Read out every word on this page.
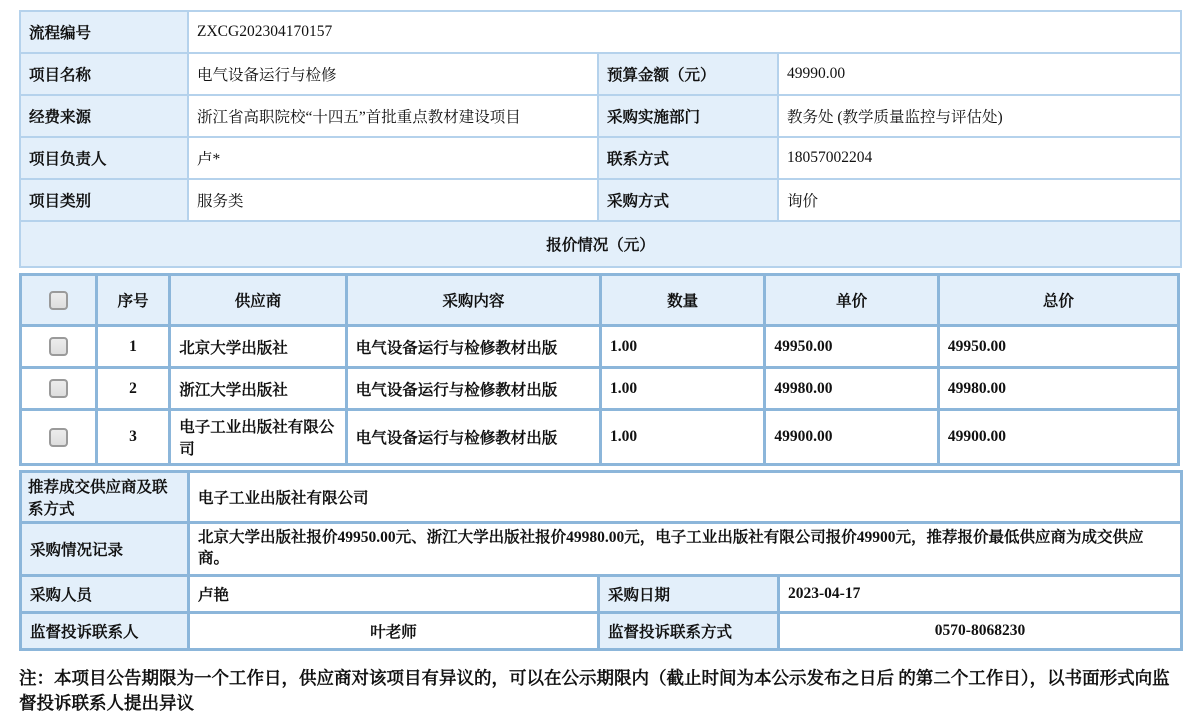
流程编号	ZXCG202304170157		
项目名称	电气设备运行与检修	预算金额（元）	49990.00
经费来源	浙江省高职院校“十四五”首批重点教材建设项目	采购实施部门	教务处 (教学质量监控与评估处)
项目负责人	卢*	联系方式	18057002204
项目类别	服务类	采购方式	询价
报价情况（元）			
	序号	供应商	采购内容	数量	单价	总价

	1	北京大学出版社	电气设备运行与检修教材出版	1.00	49950.00	49950.00

	2	浙江大学出版社	电气设备运行与检修教材出版	1.00	49980.00	49980.00

	3	电子工业出版社有限公司	电气设备运行与检修教材出版	1.00	49900.00	49900.00
推荐成交供应商及联系方式	电子工业出版社有限公司		
采购情况记录	北京大学出版社报价49950.00元、浙江大学出版社报价49980.00元，电子工业出版社有限公司报价49900元，推荐报价最低供应商为成交供应商。		
采购人员	卢艳	采购日期	2023-04-17
监督投诉联系人	叶老师	监督投诉联系方式	0570-8068230
注：本项目公告期限为一个工作日，供应商对该项目有异议的，可以在公示期限内（截止时间为本公示发布之日后 的第二个工作日），以书面形式向监督投诉联系人提出异议
